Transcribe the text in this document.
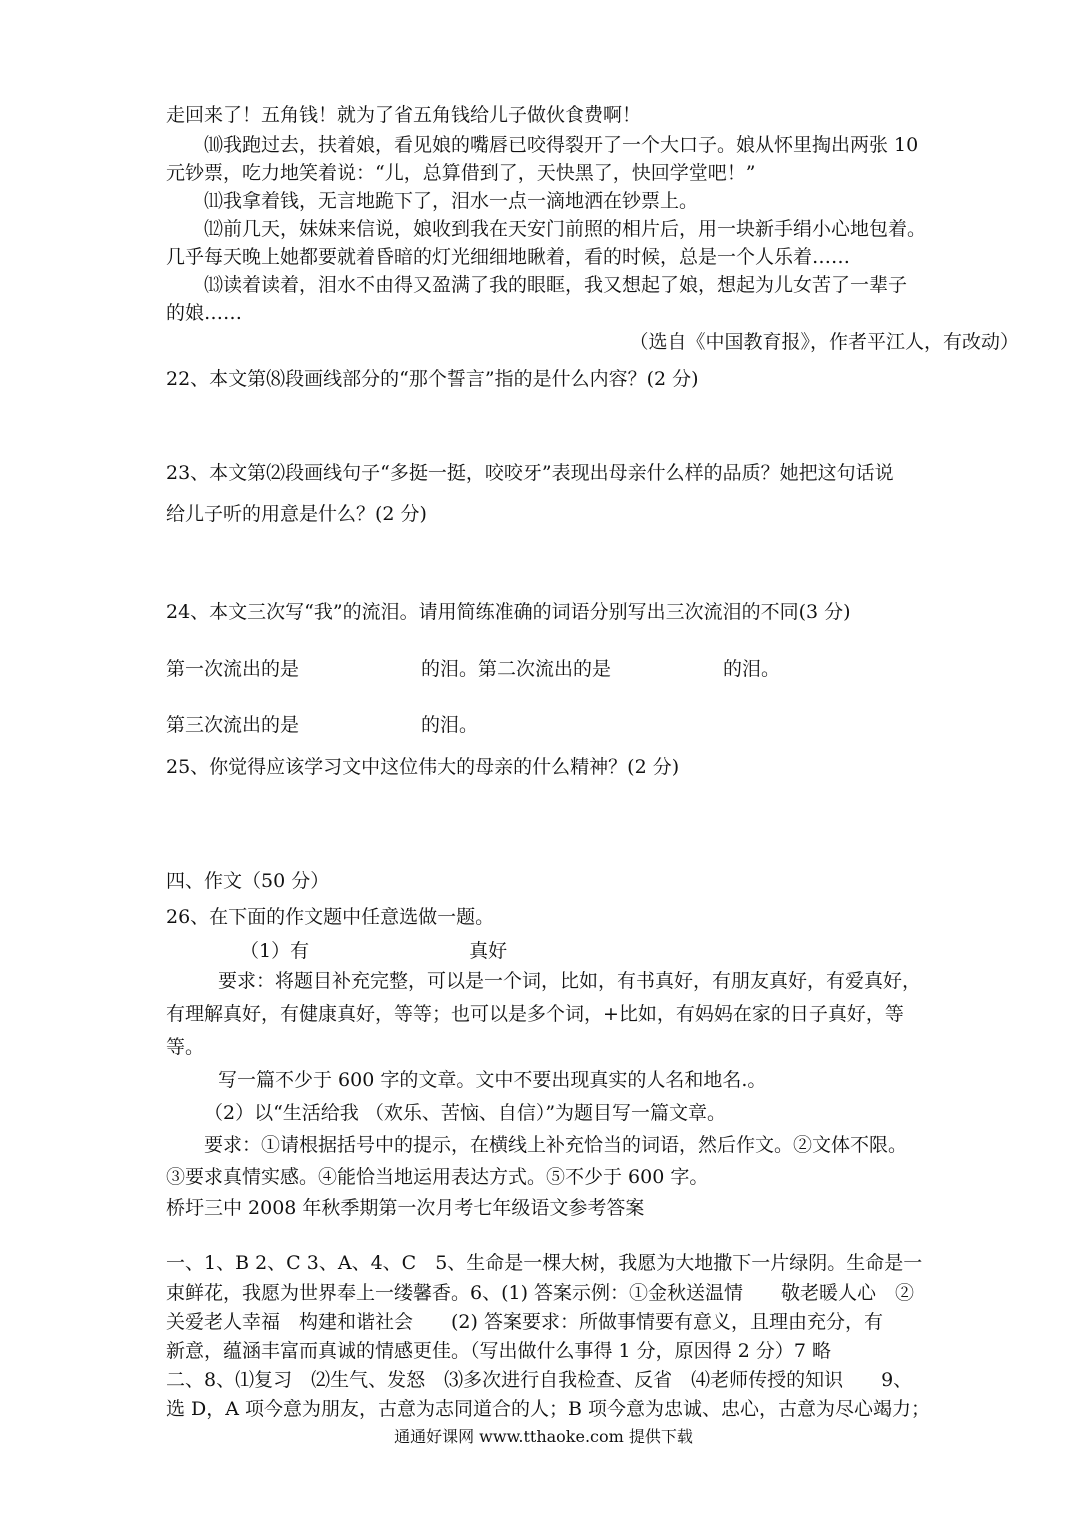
走回来了！五角钱！就为了省五角钱给儿子做伙食费啊！
⑽我跑过去，扶着娘，看见娘的嘴唇已咬得裂开了一个大口子。娘从怀里掏出两张 10
元钞票，吃力地笑着说：“儿，总算借到了，天快黑了，快回学堂吧！”
⑾我拿着钱，无言地跪下了，泪水一点一滴地洒在钞票上。
⑿前几天，妹妹来信说，娘收到我在天安门前照的相片后，用一块新手绢小心地包着。
几乎每天晚上她都要就着昏暗的灯光细细地瞅着，看的时候，总是一个人乐着……
⒀读着读着，泪水不由得又盈满了我的眼眶，我又想起了娘，想起为儿女苦了一辈子
的娘……
（选自《中国教育报》，作者平江人，有改动）
22、本文第⑻段画线部分的“那个誓言”指的是什么内容？(2 分)
23、本文第⑵段画线句子“多挺一挺，咬咬牙”表现出母亲什么样的品质？她把这句话说
给儿子听的用意是什么？(2 分)
24、本文三次写“我”的流泪。请用简练准确的词语分别写出三次流泪的不同(3 分)
第一次流出的是	的泪。第二次流出的是	的泪。
第三次流出的是	的泪。
25、你觉得应该学习文中这位伟大的母亲的什么精神？(2 分)
四、作文（50 分）
26、在下面的作文题中任意选做一题。
（1）有	真好
要求：将题目补充完整，可以是一个词，比如，有书真好，有朋友真好，有爱真好，
有理解真好，有健康真好，等等；也可以是多个词，+比如，有妈妈在家的日子真好，等
等。
写一篇不少于 600 字的文章。文中不要出现真实的人名和地名.。
（2）以“生活给我 （欢乐、苦恼、自信）”为题目写一篇文章。
要求：①请根据括号中的提示，在横线上补充恰当的词语，然后作文。②文体不限。
③要求真情实感。④能恰当地运用表达方式。⑤不少于 600 字。
桥圩三中 2008 年秋季期第一次月考七年级语文参考答案
一、1、B 2、C 3、A、4、C　5、生命是一棵大树，我愿为大地撒下一片绿阴。生命是一
束鲜花，我愿为世界奉上一缕馨香。6、(1) 答案示例：①金秋送温情　　敬老暖人心　②
关爱老人幸福　构建和谐社会　　(2) 答案要求：所做事情要有意义，且理由充分，有
新意，蕴涵丰富而真诚的情感更佳。（写出做什么事得 1 分，原因得 2 分）7 略
二、8、⑴复习　⑵生气、发怒　⑶多次进行自我检查、反省　⑷老师传授的知识　　9、
选 D，A 项今意为朋友，古意为志同道合的人；B 项今意为忠诚、忠心，古意为尽心竭力；
通通好课网 www.tthaoke.com 提供下载
